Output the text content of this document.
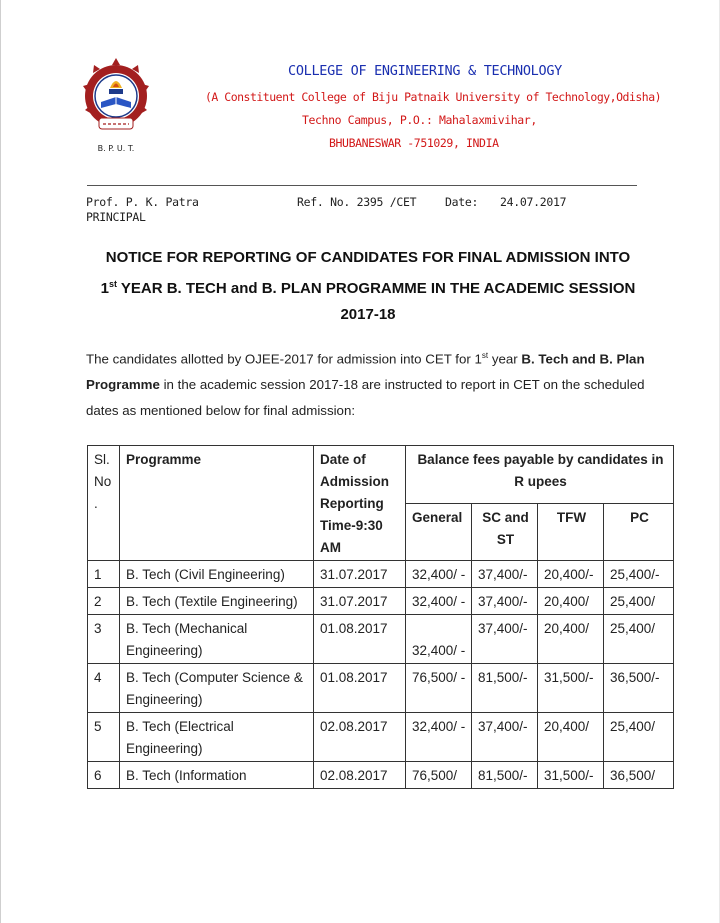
B. P. U. T.
COLLEGE OF ENGINEERING & TECHNOLOGY
(A Constituent College of Biju Patnaik University of Technology,Odisha)
Techno Campus, P.O.: Mahalaxmivihar,
BHUBANESWAR -751029, INDIA
Prof. P. K. Patra
PRINCIPAL
Ref. No. 2395 /CET	Date: 24.07.2017
NOTICE FOR REPORTING OF CANDIDATES FOR FINAL ADMISSION INTO
1st YEAR B. TECH and B. PLAN PROGRAMME IN THE ACADEMIC SESSION
2017-18
The candidates allotted by OJEE-2017 for admission into CET for 1st year B. Tech and B. Plan Programme in the academic session 2017-18 are instructed to report in CET on the scheduled dates as mentioned below for final admission:
Sl. No .	Programme	Date of Admission Reporting Time-9:30 AM	Balance fees payable by candidates in R upees			
			General	SC and ST	TFW	PC
1	B. Tech (Civil Engineering)	31.07.2017	32,400/ -	37,400/-	20,400/-	25,400/-
2	B. Tech (Textile Engineering)	31.07.2017	32,400/ -	37,400/-	20,400/	25,400/
3	B. Tech (Mechanical Engineering)	01.08.2017	32,400/ -	37,400/-	20,400/	25,400/
4	B. Tech (Computer Science & Engineering)	01.08.2017	76,500/ -	81,500/-	31,500/-	36,500/-
5	B. Tech (Electrical Engineering)	02.08.2017	32,400/ -	37,400/-	20,400/	25,400/
6	B. Tech (Information	02.08.2017	76,500/	81,500/-	31,500/-	36,500/
